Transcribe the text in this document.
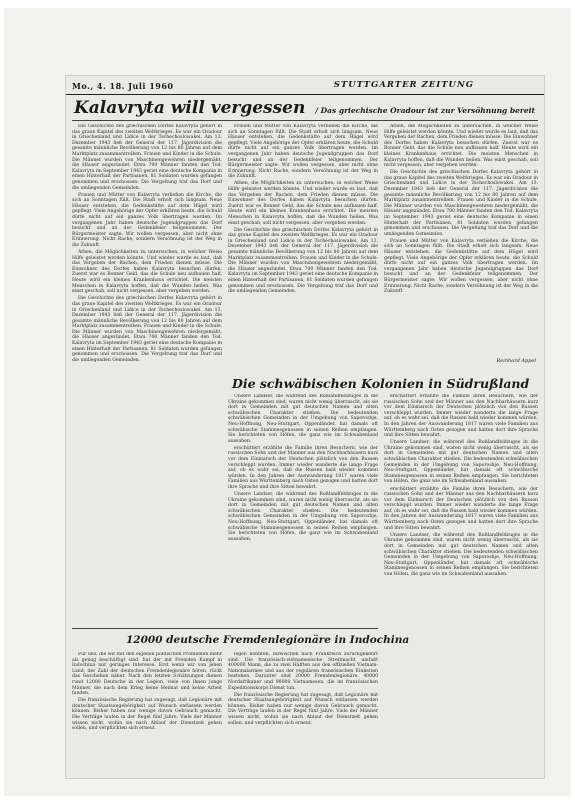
Mo., 4. 18. Juli 1960	STUTTGARTER ZEITUNG
Kalavryta will vergessen / Das griechische Oradour ist zur Versöhnung bereit

Die Geschichte des griechischen Dorfes Kalavryta gehört in das graue Kapitel des zweiten Weltkrieges. Es war ein Oradour in Griechenland und Lidice in der Tschechoslowakei. Am 13. Dezember 1943 ließ der General der 117. Jägerdivision die gesamte männliche Bevölkerung von 12 bis 80 Jahren auf dem Marktplatz zusammentreiben. Frauen und Kinder in die Schule. Die Männer wurden von Maschinengewehren niedergemäht, die Häuser angezündet. Etwa 700 Männer fanden den Tod. Kalavryta im September 1943 geriet eine deutsche Kompanie in einen Hinterhalt der Partisanen, 81 Soldaten wurden gefangen genommen und erschossen. Die Vergeltung traf das Dorf und die umliegenden Gemeinden.

Frauen und Mütter von Kalavryta verließen die Kirche, die sich an Sonntagen füllt. Die Stadt erholt sich langsam. Neue Häuser entstehen, die Gedenkstätte auf dem Hügel wird gepflegt. Viele Angehörige der Opfer erklären heute, die Schuld dürfe nicht auf ein ganzes Volk übertragen werden. Im vergangenen Jahr haben deutsche Jugendgruppen das Dorf besucht und an der Gedenkfeier teilgenommen. Der Bürgermeister sagte: Wir wollen vergessen, aber nicht ohne Erinnerung. Nicht Rache, sondern Versöhnung ist der Weg in die Zukunft.

Athen, die Möglichkeiten zu untersuchen, in welcher Weise Hilfe geleistet werden könnte. Und wieder wurde es laut, daß das Vergeben der Rachen, dem Frieden dienen müsse. Die Einwohner des Dorfes haben Kalavryta besuchen dürfen. Zuerst war es Bonner Geld, das die Schule neu aufbauen half. Heute wird ein kleines Krankenhaus errichtet. Die meisten Menschen in Kalavryta hoffen, daß die Wunden heilen. Was einst geschah, soll nicht vergessen, aber vergeben werden.

Die Geschichte des griechischen Dorfes Kalavryta gehört in das graue Kapitel des zweiten Weltkrieges. Es war ein Oradour in Griechenland und Lidice in der Tschechoslowakei. Am 13. Dezember 1943 ließ der General der 117. Jägerdivision die gesamte männliche Bevölkerung von 12 bis 80 Jahren auf dem Marktplatz zusammentreiben. Frauen und Kinder in die Schule. Die Männer wurden von Maschinengewehren niedergemäht, die Häuser angezündet. Etwa 700 Männer fanden den Tod. Kalavryta im September 1943 geriet eine deutsche Kompanie in einen Hinterhalt der Partisanen, 81 Soldaten wurden gefangen genommen und erschossen. Die Vergeltung traf das Dorf und die umliegenden Gemeinden.

Frauen und Mütter von Kalavryta verließen die Kirche, die sich an Sonntagen füllt. Die Stadt erholt sich langsam. Neue Häuser entstehen, die Gedenkstätte auf dem Hügel wird gepflegt. Viele Angehörige der Opfer erklären heute, die Schuld dürfe nicht auf ein ganzes Volk übertragen werden. Im vergangenen Jahr haben deutsche Jugendgruppen das Dorf besucht und an der Gedenkfeier teilgenommen. Der Bürgermeister sagte: Wir wollen vergessen, aber nicht ohne Erinnerung. Nicht Rache, sondern Versöhnung ist der Weg in die Zukunft.

Athen, die Möglichkeiten zu untersuchen, in welcher Weise Hilfe geleistet werden könnte. Und wieder wurde es laut, daß das Vergeben der Rachen, dem Frieden dienen müsse. Die Einwohner des Dorfes haben Kalavryta besuchen dürfen. Zuerst war es Bonner Geld, das die Schule neu aufbauen half. Heute wird ein kleines Krankenhaus errichtet. Die meisten Menschen in Kalavryta hoffen, daß die Wunden heilen. Was einst geschah, soll nicht vergessen, aber vergeben werden.

Die Geschichte des griechischen Dorfes Kalavryta gehört in das graue Kapitel des zweiten Weltkrieges. Es war ein Oradour in Griechenland und Lidice in der Tschechoslowakei. Am 13. Dezember 1943 ließ der General der 117. Jägerdivision die gesamte männliche Bevölkerung von 12 bis 80 Jahren auf dem Marktplatz zusammentreiben. Frauen und Kinder in die Schule. Die Männer wurden von Maschinengewehren niedergemäht, die Häuser angezündet. Etwa 700 Männer fanden den Tod. Kalavryta im September 1943 geriet eine deutsche Kompanie in einen Hinterhalt der Partisanen, 81 Soldaten wurden gefangen genommen und erschossen. Die Vergeltung traf das Dorf und die umliegenden Gemeinden.

Athen, die Möglichkeiten zu untersuchen, in welcher Weise Hilfe geleistet werden könnte. Und wieder wurde es laut, daß das Vergeben der Rachen, dem Frieden dienen müsse. Die Einwohner des Dorfes haben Kalavryta besuchen dürfen. Zuerst war es Bonner Geld, das die Schule neu aufbauen half. Heute wird ein kleines Krankenhaus errichtet. Die meisten Menschen in Kalavryta hoffen, daß die Wunden heilen. Was einst geschah, soll nicht vergessen, aber vergeben werden.

Die Geschichte des griechischen Dorfes Kalavryta gehört in das graue Kapitel des zweiten Weltkrieges. Es war ein Oradour in Griechenland und Lidice in der Tschechoslowakei. Am 13. Dezember 1943 ließ der General der 117. Jägerdivision die gesamte männliche Bevölkerung von 12 bis 80 Jahren auf dem Marktplatz zusammentreiben. Frauen und Kinder in die Schule. Die Männer wurden von Maschinengewehren niedergemäht, die Häuser angezündet. Etwa 700 Männer fanden den Tod. Kalavryta im September 1943 geriet eine deutsche Kompanie in einen Hinterhalt der Partisanen, 81 Soldaten wurden gefangen genommen und erschossen. Die Vergeltung traf das Dorf und die umliegenden Gemeinden.

Frauen und Mütter von Kalavryta verließen die Kirche, die sich an Sonntagen füllt. Die Stadt erholt sich langsam. Neue Häuser entstehen, die Gedenkstätte auf dem Hügel wird gepflegt. Viele Angehörige der Opfer erklären heute, die Schuld dürfe nicht auf ein ganzes Volk übertragen werden. Im vergangenen Jahr haben deutsche Jugendgruppen das Dorf besucht und an der Gedenkfeier teilgenommen. Der Bürgermeister sagte: Wir wollen vergessen, aber nicht ohne Erinnerung. Nicht Rache, sondern Versöhnung ist der Weg in die Zukunft.

Reinhard Appel
Die schwäbischen Kolonien in Südrußland

Unsere Landser, die während des Rußlandfeldzuges in die Ukraine gekommen sind, waren nicht wenig überrascht, als sie dort in Gemeinden mit gut deutschen Namen und alten schwäbischen Charakter stießen. Die bedeutenden schwäbischen Gemeinden in der Umgebung von Saporoshje, Neu-Hoffnung, Neu-Stuttgart, Oppenländer, hat damals oft schwäbische Stammesgenossen in seinen Reihen empfangen. Sie berichteten von Höfen, die ganz wie im Schwabenland aussahen.

erschüttert erzählte die Familie ihren Besuchern, wie der russischen Sohn und der Männer aus den Nachbarhäusern kurz vor dem Einmarsch der Deutschen plötzlich von den Russen verschleppt wurden. Immer wieder wanderte die lange Frage auf, ob es wahr sei, daß die Russen bald wieder kommen würden. In den Jahren der Auswanderung 1817 waren viele Familien aus Württemberg nach Osten gezogen und hatten dort ihre Sprache und ihre Sitten bewahrt.

Unsere Landser, die während des Rußlandfeldzuges in die Ukraine gekommen sind, waren nicht wenig überrascht, als sie dort in Gemeinden mit gut deutschen Namen und alten schwäbischen Charakter stießen. Die bedeutenden schwäbischen Gemeinden in der Umgebung von Saporoshje, Neu-Hoffnung, Neu-Stuttgart, Oppenländer, hat damals oft schwäbische Stammesgenossen in seinen Reihen empfangen. Sie berichteten von Höfen, die ganz wie im Schwabenland aussahen.

erschüttert erzählte die Familie ihren Besuchern, wie der russischen Sohn und der Männer aus den Nachbarhäusern kurz vor dem Einmarsch der Deutschen plötzlich von den Russen verschleppt wurden. Immer wieder wanderte die lange Frage auf, ob es wahr sei, daß die Russen bald wieder kommen würden. In den Jahren der Auswanderung 1817 waren viele Familien aus Württemberg nach Osten gezogen und hatten dort ihre Sprache und ihre Sitten bewahrt.

Unsere Landser, die während des Rußlandfeldzuges in die Ukraine gekommen sind, waren nicht wenig überrascht, als sie dort in Gemeinden mit gut deutschen Namen und alten schwäbischen Charakter stießen. Die bedeutenden schwäbischen Gemeinden in der Umgebung von Saporoshje, Neu-Hoffnung, Neu-Stuttgart, Oppenländer, hat damals oft schwäbische Stammesgenossen in seinen Reihen empfangen. Sie berichteten von Höfen, die ganz wie im Schwabenland aussahen.

erschüttert erzählte die Familie ihren Besuchern, wie der russischen Sohn und der Männer aus den Nachbarhäusern kurz vor dem Einmarsch der Deutschen plötzlich von den Russen verschleppt wurden. Immer wieder wanderte die lange Frage auf, ob es wahr sei, daß die Russen bald wieder kommen würden. In den Jahren der Auswanderung 1817 waren viele Familien aus Württemberg nach Osten gezogen und hatten dort ihre Sprache und ihre Sitten bewahrt.

Unsere Landser, die während des Rußlandfeldzuges in die Ukraine gekommen sind, waren nicht wenig überrascht, als sie dort in Gemeinden mit gut deutschen Namen und alten schwäbischen Charakter stießen. Die bedeutenden schwäbischen Gemeinden in der Umgebung von Saporoshje, Neu-Hoffnung, Neu-Stuttgart, Oppenländer, hat damals oft schwäbische Stammesgenossen in seinen Reihen empfangen. Sie berichteten von Höfen, die ganz wie im Schwabenland aussahen.

12000 deutsche Fremdenlegionäre in Indochina

Für uns, die wir mit den eigenen politischen Problemen mehr als genug beschäftigt sind, hat der mit Fremden Kampf in Indochina nur geringes Interesse. Erst wenn wir von jenen Land, der Zahl der deutschen Fremdenlegionäre hören, rückt das Geschehen näher. Nach den letzten Schätzungen dienen rund 12000 Deutsche in der Legion, viele von ihnen junge Männer, die nach dem Krieg keine Heimat und keine Arbeit fanden.

Die französische Regierung hat zugesagt, daß Legionäre mit deutscher Staatsangehörigkeit auf Wunsch entlassen werden können. Bisher haben nur wenige davon Gebrauch gemacht. Die Verträge laufen in der Regel fünf Jahre. Viele der Männer wissen nicht, wohin sie nach Ablauf der Dienstzeit gehen sollen, und verpflichten sich erneut.

legen konnten, inzwischen nach Frankreich zurückgekehrt sind. Die französisch-vietnamesische Streitmacht umfaßt 400000 Mann, die zu zwei Hälften aus den offiziellen Vietnam-Nationalarmee und aus der regulären französischen Einheiten bestehen. Darunter sind 20000 Fremdenlegionäre, 40000 Nordafrikaner und 90000 Vietnamesen, die im französischen Expeditionskorps Dienst tun.

Die französische Regierung hat zugesagt, daß Legionäre mit deutscher Staatsangehörigkeit auf Wunsch entlassen werden können. Bisher haben nur wenige davon Gebrauch gemacht. Die Verträge laufen in der Regel fünf Jahre. Viele der Männer wissen nicht, wohin sie nach Ablauf der Dienstzeit gehen sollen, und verpflichten sich erneut.
